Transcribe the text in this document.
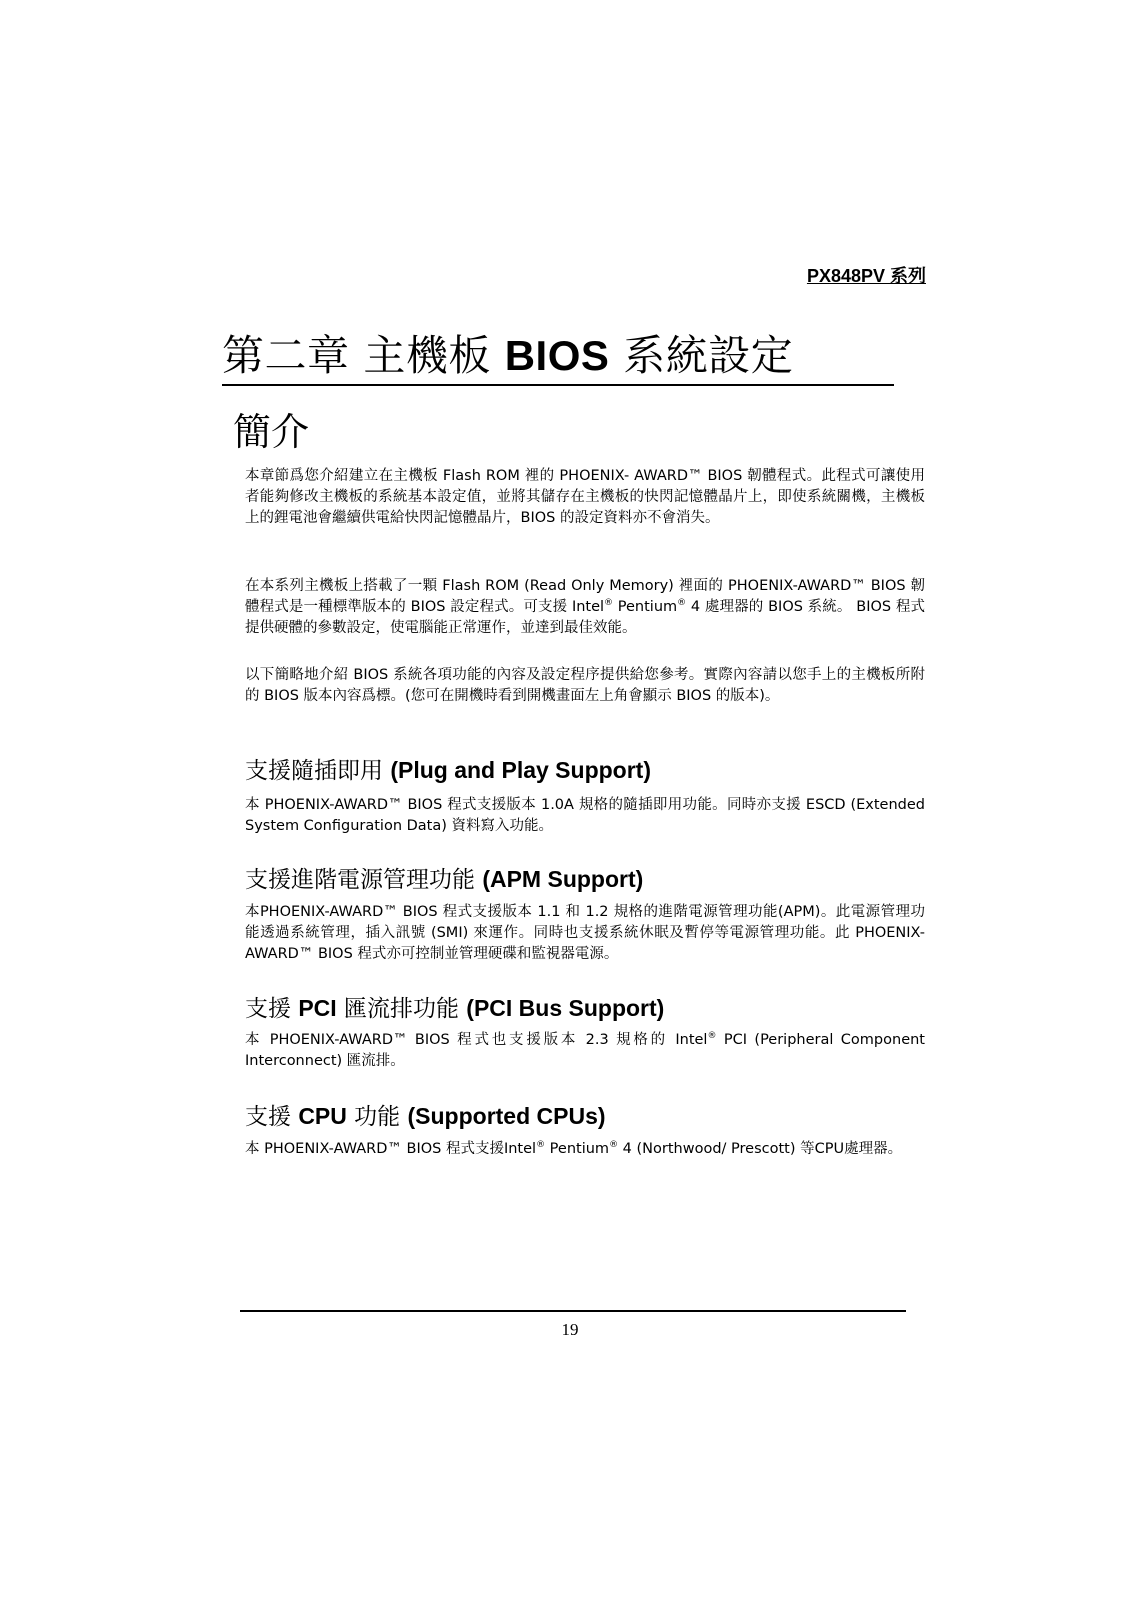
PX848PV 系列
第二章 主機板 BIOS 系統設定
簡介
本章節爲您介紹建立在主機板 Flash ROM 裡的 PHOENIX- AWARD™ BIOS 韌體程式。此程式可讓使用者能夠修改主機板的系統基本設定值，並將其儲存在主機板的快閃記憶體晶片上，即使系統關機，主機板上的鋰電池會繼續供電給快閃記憶體晶片，BIOS 的設定資料亦不會消失。
在本系列主機板上搭載了一顆 Flash ROM (Read Only Memory) 裡面的 PHOENIX-AWARD™ BIOS 韌體程式是一種標準版本的 BIOS 設定程式。可支援 Intel® Pentium® 4 處理器的 BIOS 系統。 BIOS 程式提供硬體的參數設定，使電腦能正常運作，並達到最佳效能。
以下簡略地介紹 BIOS 系統各項功能的內容及設定程序提供給您參考。實際內容請以您手上的主機板所附的 BIOS 版本內容爲標。(您可在開機時看到開機畫面左上角會顯示 BIOS 的版本)。
支援隨插即用 (Plug and Play Support)
本 PHOENIX-AWARD™ BIOS 程式支援版本 1.0A 規格的隨插即用功能。同時亦支援 ESCD (Extended System Configuration Data) 資料寫入功能。
支援進階電源管理功能 (APM Support)
本PHOENIX-AWARD™ BIOS 程式支援版本 1.1 和 1.2 規格的進階電源管理功能(APM)。此電源管理功能透過系統管理，插入訊號 (SMI) 來運作。同時也支援系統休眠及暫停等電源管理功能。此 PHOENIX-AWARD™ BIOS 程式亦可控制並管理硬碟和監視器電源。
支援 PCI 匯流排功能 (PCI Bus Support)
本 PHOENIX-AWARD™ BIOS 程式也支援版本 2.3 規格的 Intel® PCI (Peripheral Component Interconnect) 匯流排。
支援 CPU 功能 (Supported CPUs)
本 PHOENIX-AWARD™ BIOS 程式支援Intel® Pentium® 4 (Northwood/ Prescott) 等CPU處理器。
19
